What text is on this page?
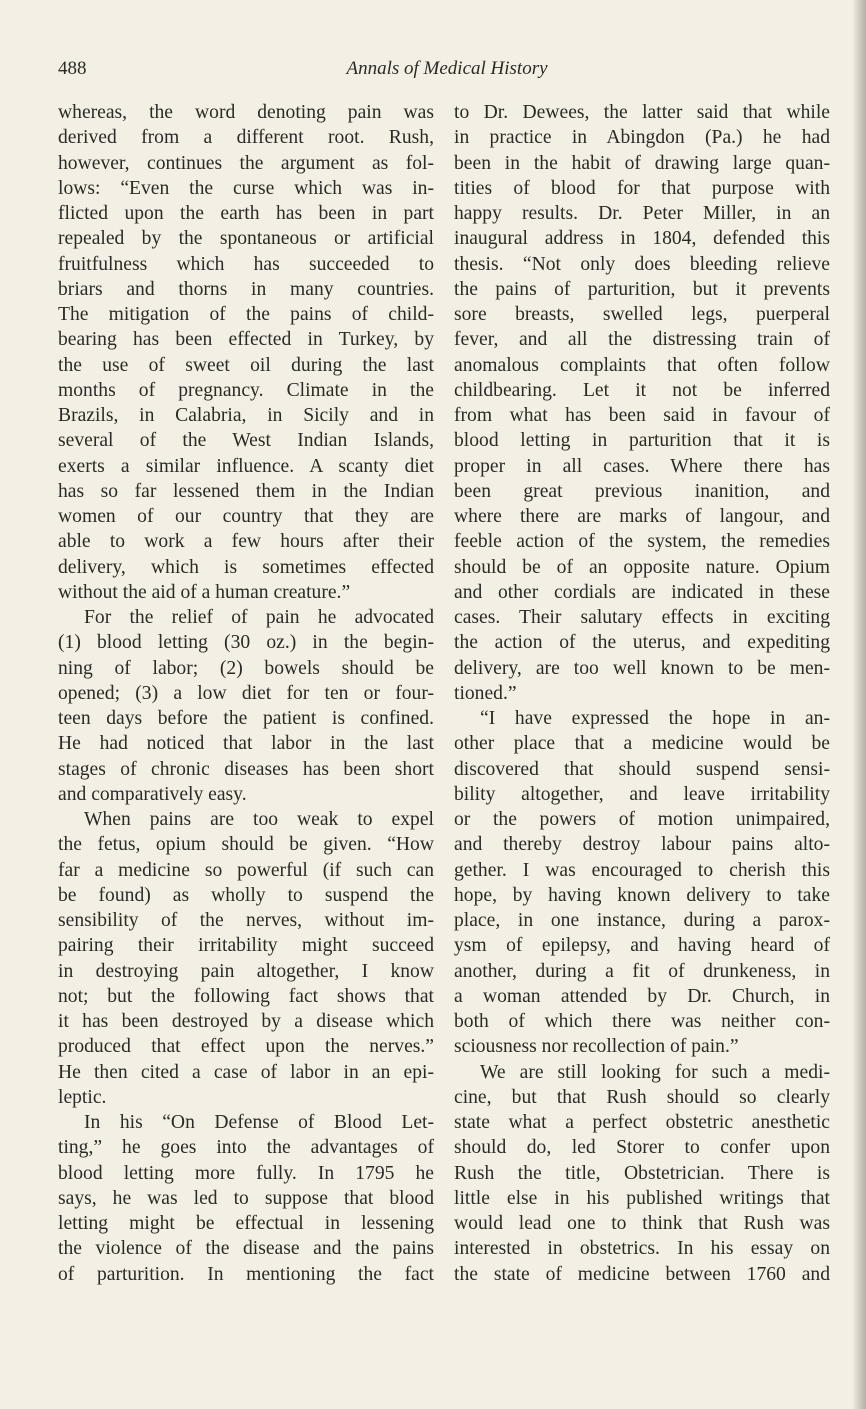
488	Annals of Medical History
whereas, the word denoting pain was
derived from a different root. Rush,
however, continues the argument as fol-
lows: “Even the curse which was in-
flicted upon the earth has been in part
repealed by the spontaneous or artificial
fruitfulness which has succeeded to
briars and thorns in many countries.
The mitigation of the pains of child-
bearing has been effected in Turkey, by
the use of sweet oil during the last
months of pregnancy. Climate in the
Brazils, in Calabria, in Sicily and in
several of the West Indian Islands,
exerts a similar influence. A scanty diet
has so far lessened them in the Indian
women of our country that they are
able to work a few hours after their
delivery, which is sometimes effected
without the aid of a human creature.”
For the relief of pain he advocated
(1) blood letting (30 oz.) in the begin-
ning of labor; (2) bowels should be
opened; (3) a low diet for ten or four-
teen days before the patient is confined.
He had noticed that labor in the last
stages of chronic diseases has been short
and comparatively easy.
When pains are too weak to expel
the fetus, opium should be given. “How
far a medicine so powerful (if such can
be found) as wholly to suspend the
sensibility of the nerves, without im-
pairing their irritability might succeed
in destroying pain altogether, I know
not; but the following fact shows that
it has been destroyed by a disease which
produced that effect upon the nerves.”
He then cited a case of labor in an epi-
leptic.
In his “On Defense of Blood Let-
ting,” he goes into the advantages of
blood letting more fully. In 1795 he
says, he was led to suppose that blood
letting might be effectual in lessening
the violence of the disease and the pains
of parturition. In mentioning the fact
to Dr. Dewees, the latter said that while
in practice in Abingdon (Pa.) he had
been in the habit of drawing large quan-
tities of blood for that purpose with
happy results. Dr. Peter Miller, in an
inaugural address in 1804, defended this
thesis. “Not only does bleeding relieve
the pains of parturition, but it prevents
sore breasts, swelled legs, puerperal
fever, and all the distressing train of
anomalous complaints that often follow
childbearing. Let it not be inferred
from what has been said in favour of
blood letting in parturition that it is
proper in all cases. Where there has
been great previous inanition, and
where there are marks of langour, and
feeble action of the system, the remedies
should be of an opposite nature. Opium
and other cordials are indicated in these
cases. Their salutary effects in exciting
the action of the uterus, and expediting
delivery, are too well known to be men-
tioned.”
“I have expressed the hope in an-
other place that a medicine would be
discovered that should suspend sensi-
bility altogether, and leave irritability
or the powers of motion unimpaired,
and thereby destroy labour pains alto-
gether. I was encouraged to cherish this
hope, by having known delivery to take
place, in one instance, during a parox-
ysm of epilepsy, and having heard of
another, during a fit of drunkeness, in
a woman attended by Dr. Church, in
both of which there was neither con-
sciousness nor recollection of pain.”
We are still looking for such a medi-
cine, but that Rush should so clearly
state what a perfect obstetric anesthetic
should do, led Storer to confer upon
Rush the title, Obstetrician. There is
little else in his published writings that
would lead one to think that Rush was
interested in obstetrics. In his essay on
the state of medicine between 1760 and
